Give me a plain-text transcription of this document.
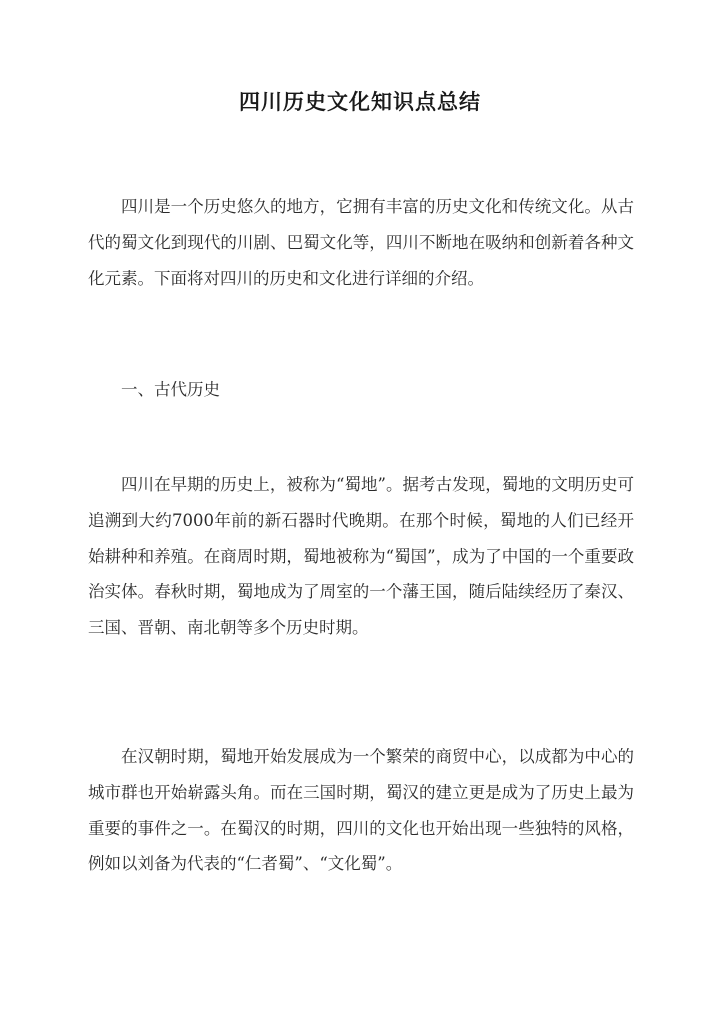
四川历史文化知识点总结

四川是一个历史悠久的地方，它拥有丰富的历史文化和传统文化。从古代的蜀文化到现代的川剧、巴蜀文化等，四川不断地在吸纳和创新着各种文化元素。下面将对四川的历史和文化进行详细的介绍。

一、古代历史

四川在早期的历史上，被称为“蜀地”。据考古发现，蜀地的文明历史可追溯到大约7000年前的新石器时代晚期。在那个时候，蜀地的人们已经开始耕种和养殖。在商周时期，蜀地被称为“蜀国”，成为了中国的一个重要政治实体。春秋时期，蜀地成为了周室的一个藩王国，随后陆续经历了秦汉、三国、晋朝、南北朝等多个历史时期。

在汉朝时期，蜀地开始发展成为一个繁荣的商贸中心，以成都为中心的城市群也开始崭露头角。而在三国时期，蜀汉的建立更是成为了历史上最为重要的事件之一。在蜀汉的时期，四川的文化也开始出现一些独特的风格，例如以刘备为代表的“仁者蜀”、“文化蜀”。
